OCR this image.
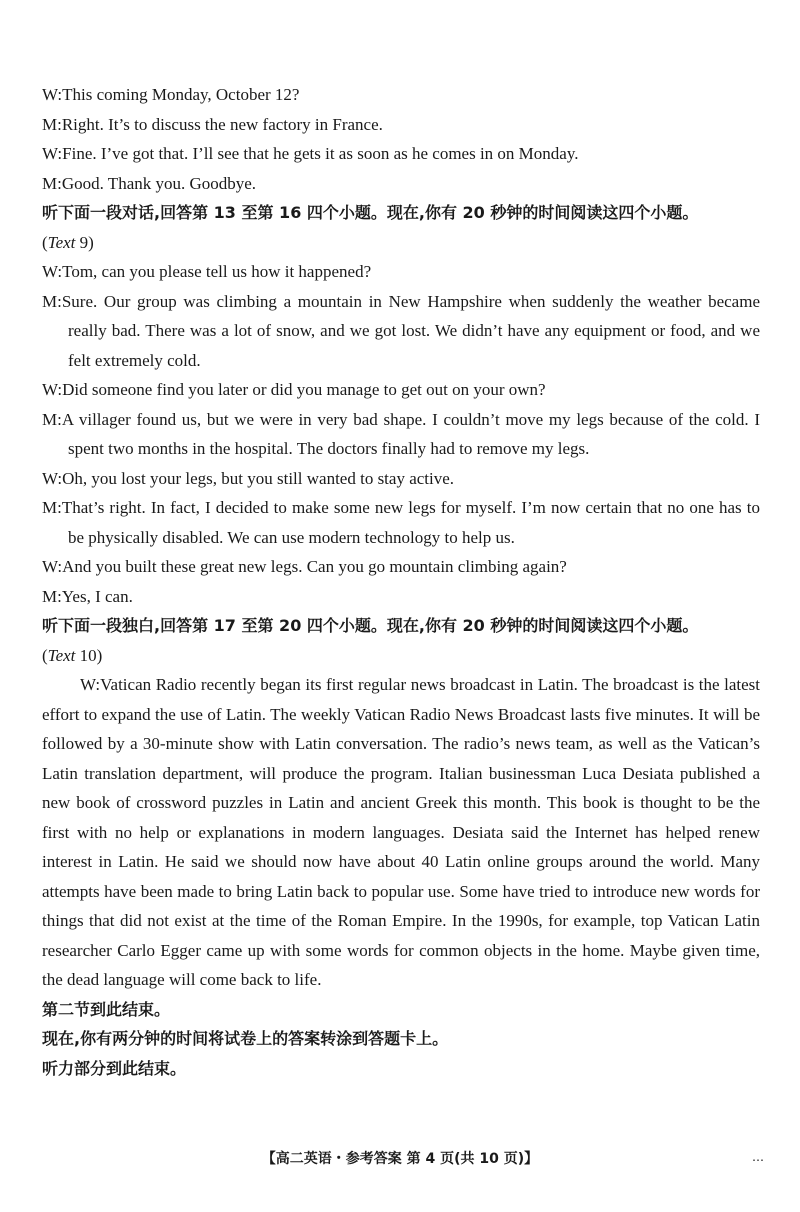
W:This coming Monday, October 12?
M:Right. It’s to discuss the new factory in France.
W:Fine. I’ve got that. I’ll see that he gets it as soon as he comes in on Monday.
M:Good. Thank you. Goodbye.
听下面一段对话,回答第 13 至第 16 四个小题。现在,你有 20 秒钟的时间阅读这四个小题。
(Text 9)
W:Tom, can you please tell us how it happened?
M:Sure. Our group was climbing a mountain in New Hampshire when suddenly the weather became really bad. There was a lot of snow, and we got lost. We didn’t have any equipment or food, and we felt extremely cold.
W:Did someone find you later or did you manage to get out on your own?
M:A villager found us, but we were in very bad shape. I couldn’t move my legs because of the cold. I spent two months in the hospital. The doctors finally had to remove my legs.
W:Oh, you lost your legs, but you still wanted to stay active.
M:That’s right. In fact, I decided to make some new legs for myself. I’m now certain that no one has to be physically disabled. We can use modern technology to help us.
W:And you built these great new legs. Can you go mountain climbing again?
M:Yes, I can.
听下面一段独白,回答第 17 至第 20 四个小题。现在,你有 20 秒钟的时间阅读这四个小题。
(Text 10)
W:Vatican Radio recently began its first regular news broadcast in Latin. The broadcast is the latest effort to expand the use of Latin. The weekly Vatican Radio News Broadcast lasts five minutes. It will be followed by a 30-minute show with Latin conversation. The radio’s news team, as well as the Vatican’s Latin translation department, will produce the program. Italian businessman Luca Desiata published a new book of crossword puzzles in Latin and ancient Greek this month. This book is thought to be the first with no help or explanations in modern languages. Desiata said the Internet has helped renew interest in Latin. He said we should now have about 40 Latin online groups around the world. Many attempts have been made to bring Latin back to popular use. Some have tried to introduce new words for things that did not exist at the time of the Roman Empire. In the 1990s, for example, top Vatican Latin researcher Carlo Egger came up with some words for common objects in the home. Maybe given time, the dead language will come back to life.
第二节到此结束。
现在,你有两分钟的时间将试卷上的答案转涂到答题卡上。
听力部分到此结束。
【高二英语・参考答案 第 4 页(共 10 页)】	…
